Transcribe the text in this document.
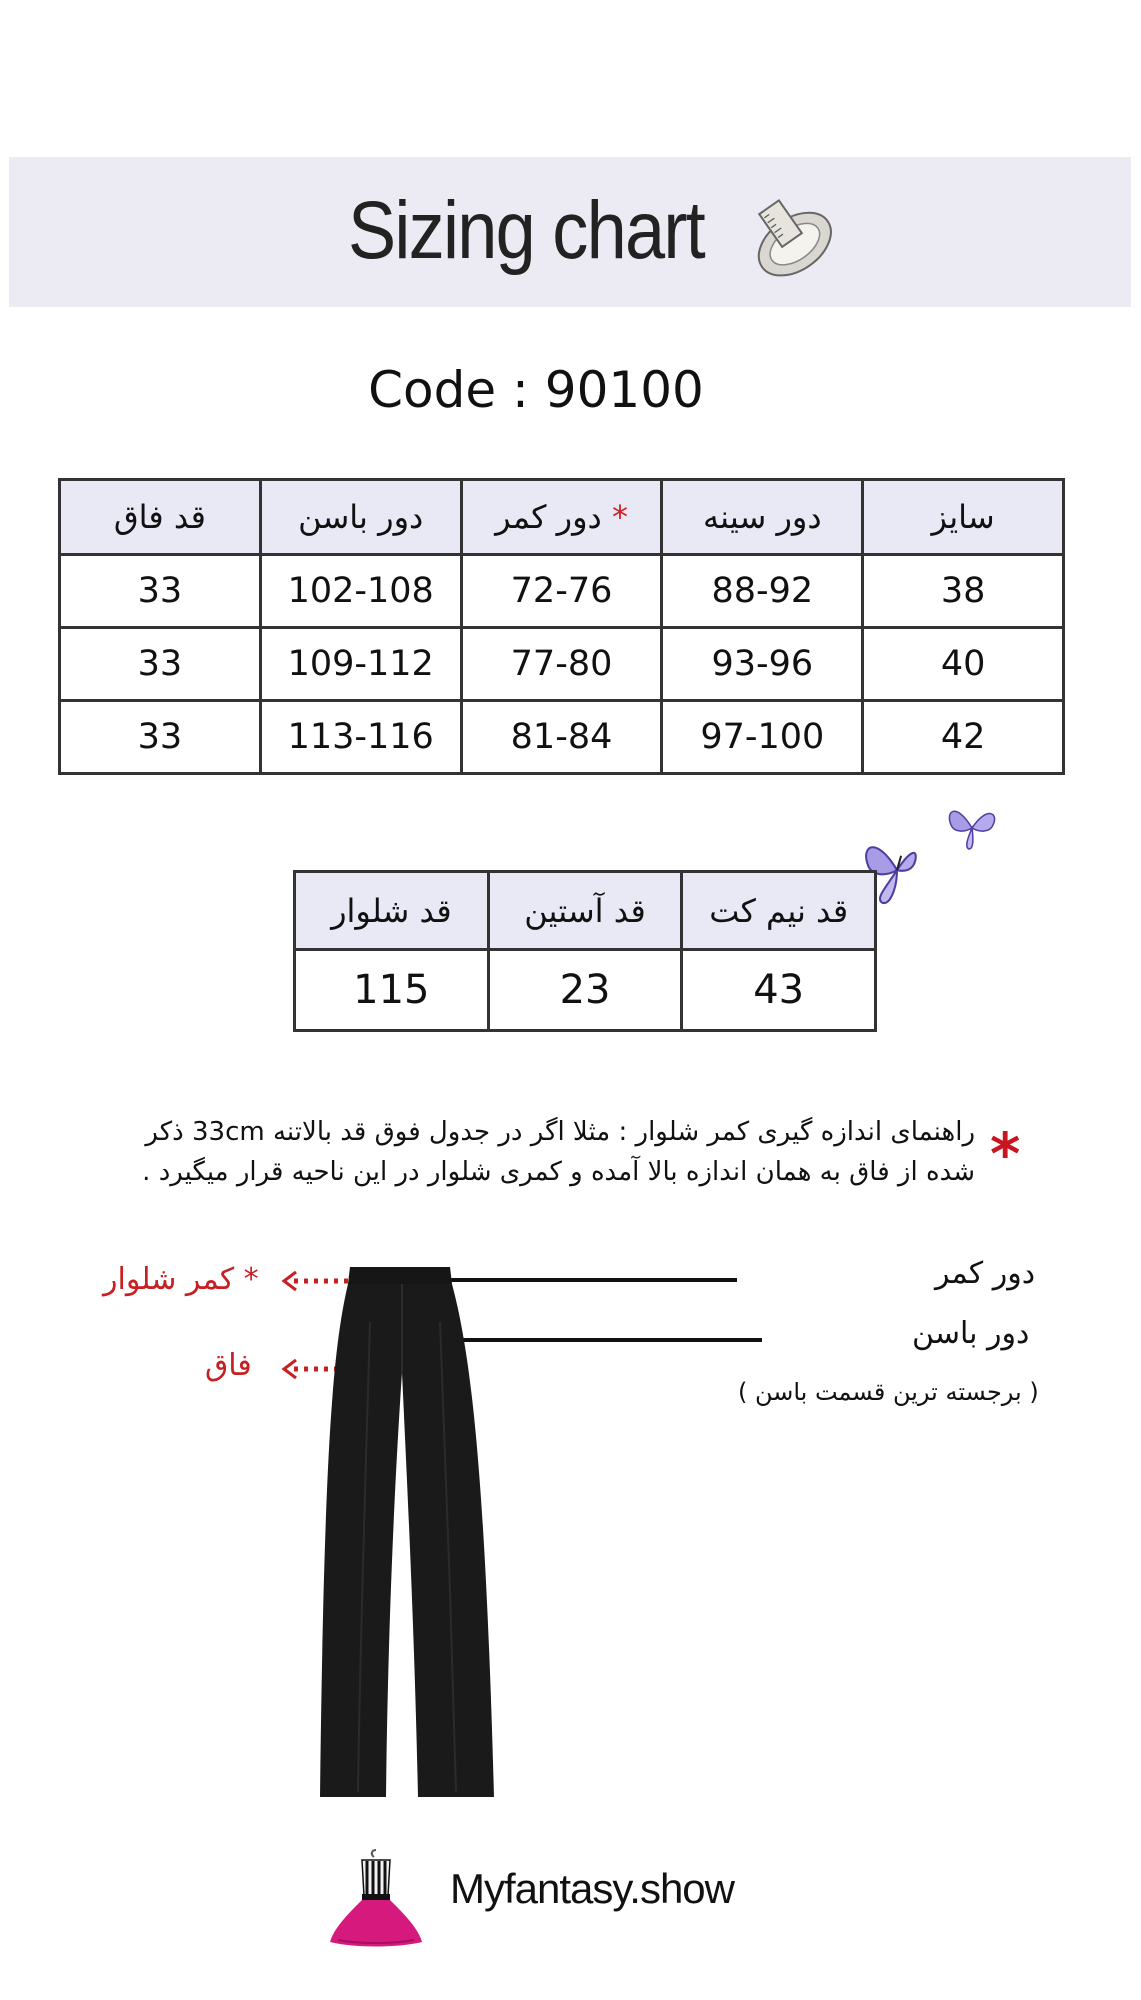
Sizing chart
Code : 90100
سایز	دور سینه	* دور کمر	دور باسن	قد فاق
38	88-92	72-76	102-108	33
40	93-96	77-80	109-112	33
42	97-100	81-84	113-116	33
قد نیم کت	قد آستین	قد شلوار
43	23	115
*
راهنمای اندازه گیری کمر شلوار : مثلا اگر در جدول فوق قد بالاتنه 33cm ذکر
شده از فاق به همان اندازه بالا آمده و کمری شلوار در این ناحیه قرار میگیرد .
* کمر شلوار
فاق
دور کمر
دور باسن
( برجسته ترین قسمت باسن )
Myfantasy.show
